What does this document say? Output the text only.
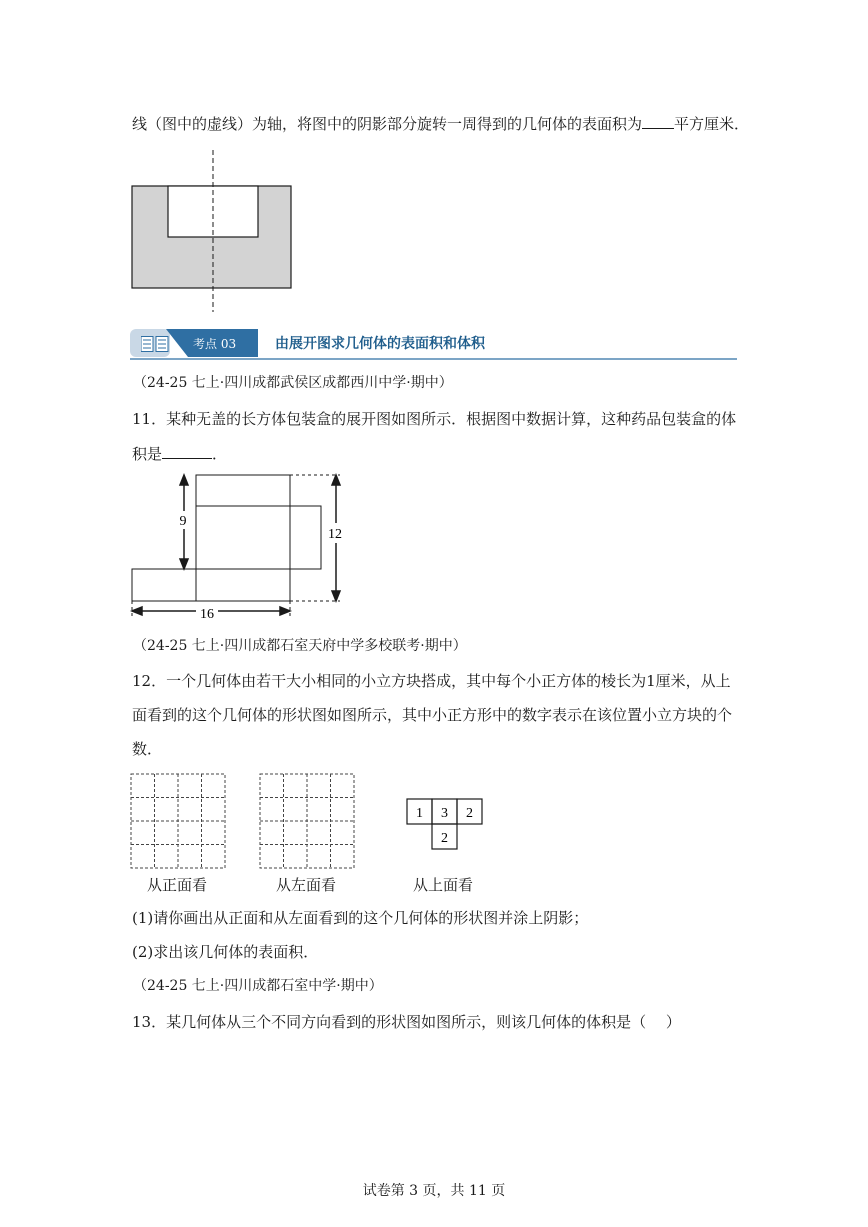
线（图中的虚线）为轴，将图中的阴影部分旋转一周得到的几何体的表面积为 平方厘米．
考点 03	由展开图求几何体的表面积和体积
（24-25 七上·四川成都武侯区成都西川中学·期中）
11．某种无盖的长方体包装盒的展开图如图所示．根据图中数据计算，这种药品包装盒的体
积是	．
9
12
16
（24-25 七上·四川成都石室天府中学多校联考·期中）
12．一个几何体由若干大小相同的小立方块搭成，其中每个小正方体的棱长为1厘米，从上
面看到的这个几何体的形状图如图所示，其中小正方形中的数字表示在该位置小立方块的个
数．
1 3 2
2
从正面看	从左面看	从上面看
(1)请你画出从正面和从左面看到的这个几何体的形状图并涂上阴影；
(2)求出该几何体的表面积．
（24-25 七上·四川成都石室中学·期中）
13．某几何体从三个不同方向看到的形状图如图所示，则该几何体的体积是（　 ）
试卷第 3 页，共 11 页
